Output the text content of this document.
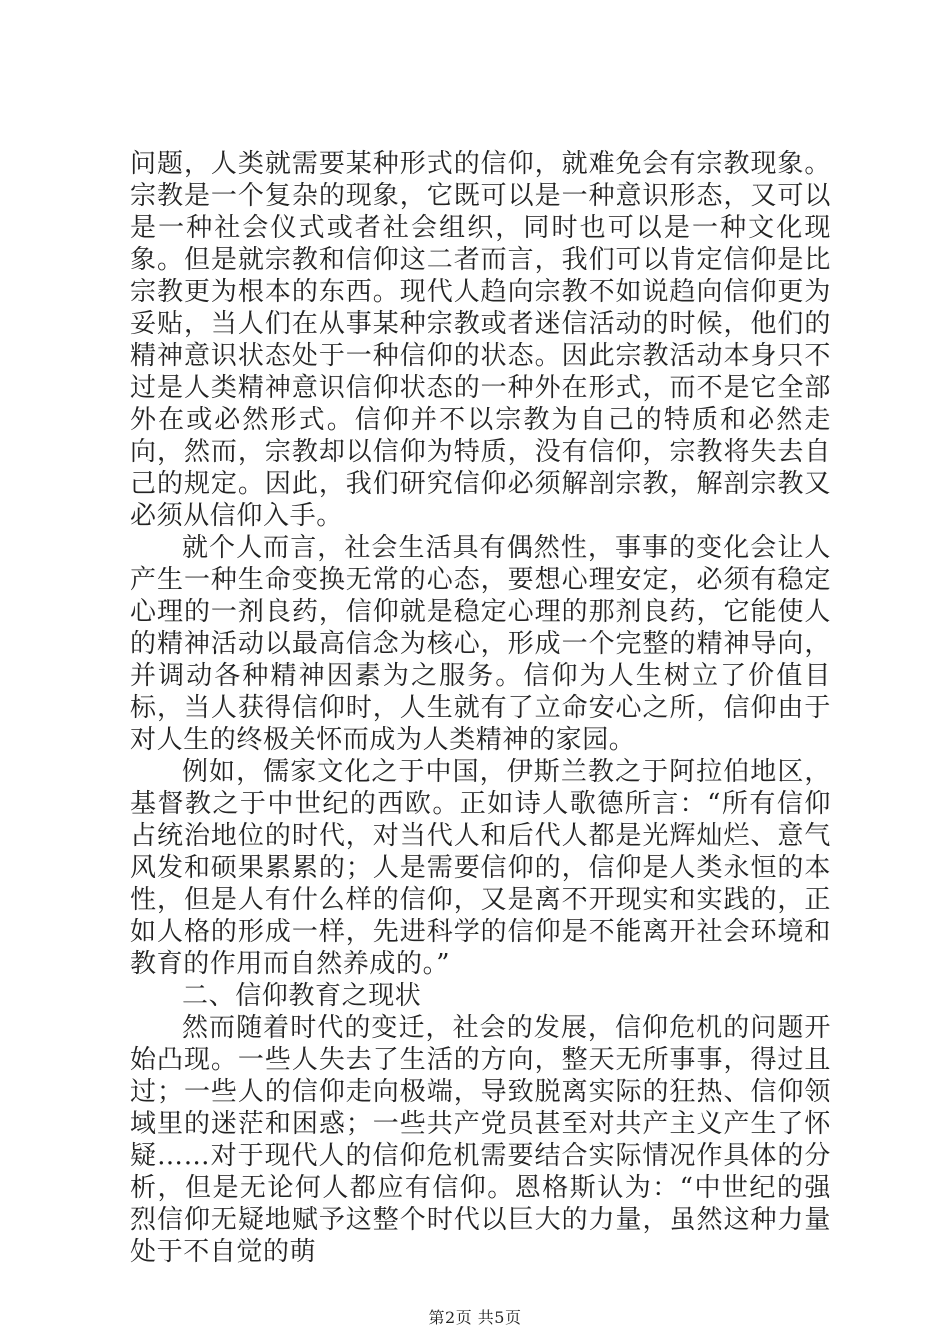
问题，人类就需要某种形式的信仰，就难免会有宗教现象。宗教是一个复杂的现象，它既可以是一种意识形态，又可以是一种社会仪式或者社会组织，同时也可以是一种文化现象。但是就宗教和信仰这二者而言，我们可以肯定信仰是比宗教更为根本的东西。现代人趋向宗教不如说趋向信仰更为妥贴，当人们在从事某种宗教或者迷信活动的时候，他们的精神意识状态处于一种信仰的状态。因此宗教活动本身只不过是人类精神意识信仰状态的一种外在形式，而不是它全部外在或必然形式。信仰并不以宗教为自己的特质和必然走向，然而，宗教却以信仰为特质，没有信仰，宗教将失去自己的规定。因此，我们研究信仰必须解剖宗教，解剖宗教又必须从信仰入手。

就个人而言，社会生活具有偶然性，事事的变化会让人产生一种生命变换无常的心态，要想心理安定，必须有稳定心理的一剂良药，信仰就是稳定心理的那剂良药，它能使人的精神活动以最高信念为核心，形成一个完整的精神导向，并调动各种精神因素为之服务。信仰为人生树立了价值目标，当人获得信仰时，人生就有了立命安心之所，信仰由于对人生的终极关怀而成为人类精神的家园。

例如，儒家文化之于中国，伊斯兰教之于阿拉伯地区，基督教之于中世纪的西欧。正如诗人歌德所言：“所有信仰占统治地位的时代，对当代人和后代人都是光辉灿烂、意气风发和硕果累累的；人是需要信仰的，信仰是人类永恒的本性，但是人有什么样的信仰，又是离不开现实和实践的，正如人格的形成一样，先进科学的信仰是不能离开社会环境和教育的作用而自然养成的。”

二、信仰教育之现状

然而随着时代的变迁，社会的发展，信仰危机的问题开始凸现。一些人失去了生活的方向，整天无所事事，得过且过；一些人的信仰走向极端，导致脱离实际的狂热、信仰领域里的迷茫和困惑；一些共产党员甚至对共产主义产生了怀疑……对于现代人的信仰危机需要结合实际情况作具体的分析，但是无论何人都应有信仰。恩格斯认为：“中世纪的强烈信仰无疑地赋予这整个时代以巨大的力量，虽然这种力量处于不自觉的萌

第2页 共5页
